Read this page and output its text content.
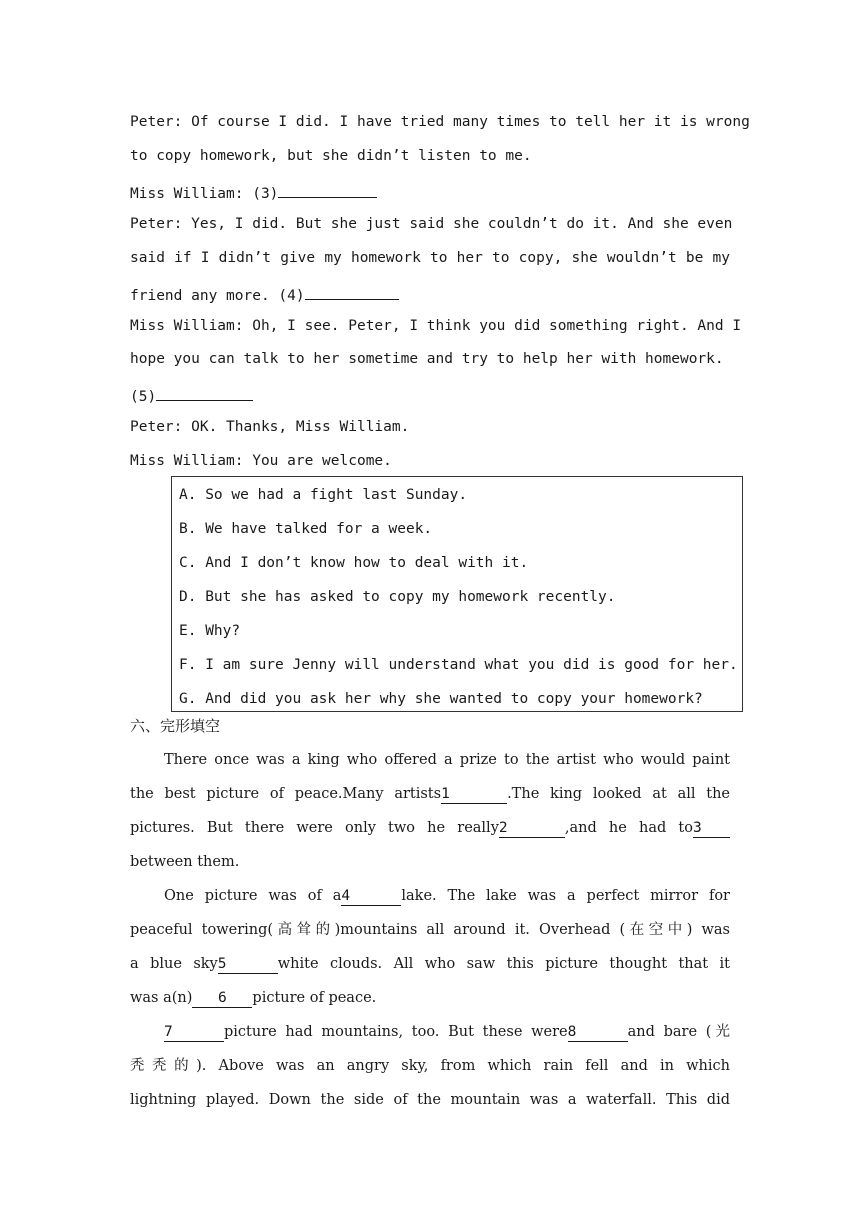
Peter: Of course I did. I have tried many times to tell her it is wrong
to copy homework, but she didn’t listen to me.
Miss William: (3)
Peter: Yes, I did. But she just said she couldn’t do it. And she even
said if I didn’t give my homework to her to copy, she wouldn’t be my
friend any more. (4)
Miss William: Oh, I see. Peter, I think you did something right. And I
hope you can talk to her sometime and try to help her with homework.
(5)
Peter: OK. Thanks, Miss William.
Miss William: You are welcome.
A. So we had a fight last Sunday.
B. We have talked for a week.
C. And I don’t know how to deal with it.
D. But she has asked to copy my homework recently.
E. Why?
F. I am sure Jenny will understand what you did is good for her.
G. And did you ask her why she wanted to copy your homework?
六、完形填空
There once was a king who offered a prize to the artist who would paint
the best picture of peace.Many artists1	.The king looked at all the
pictures. But there were only two he really2	,and he had to3
between them.
One picture was of a4	lake. The lake was a perfect mirror for
peaceful towering(高耸的)mountains all around it. Overhead (在空中) was
a blue sky5	white clouds. All who saw this picture thought that it
was a(n) 6 picture of peace.
7	picture had mountains, too. But these were8	and bare (光
秃秃的). Above was an angry sky, from which rain fell and in which
lightning played. Down the side of the mountain was a waterfall. This did
